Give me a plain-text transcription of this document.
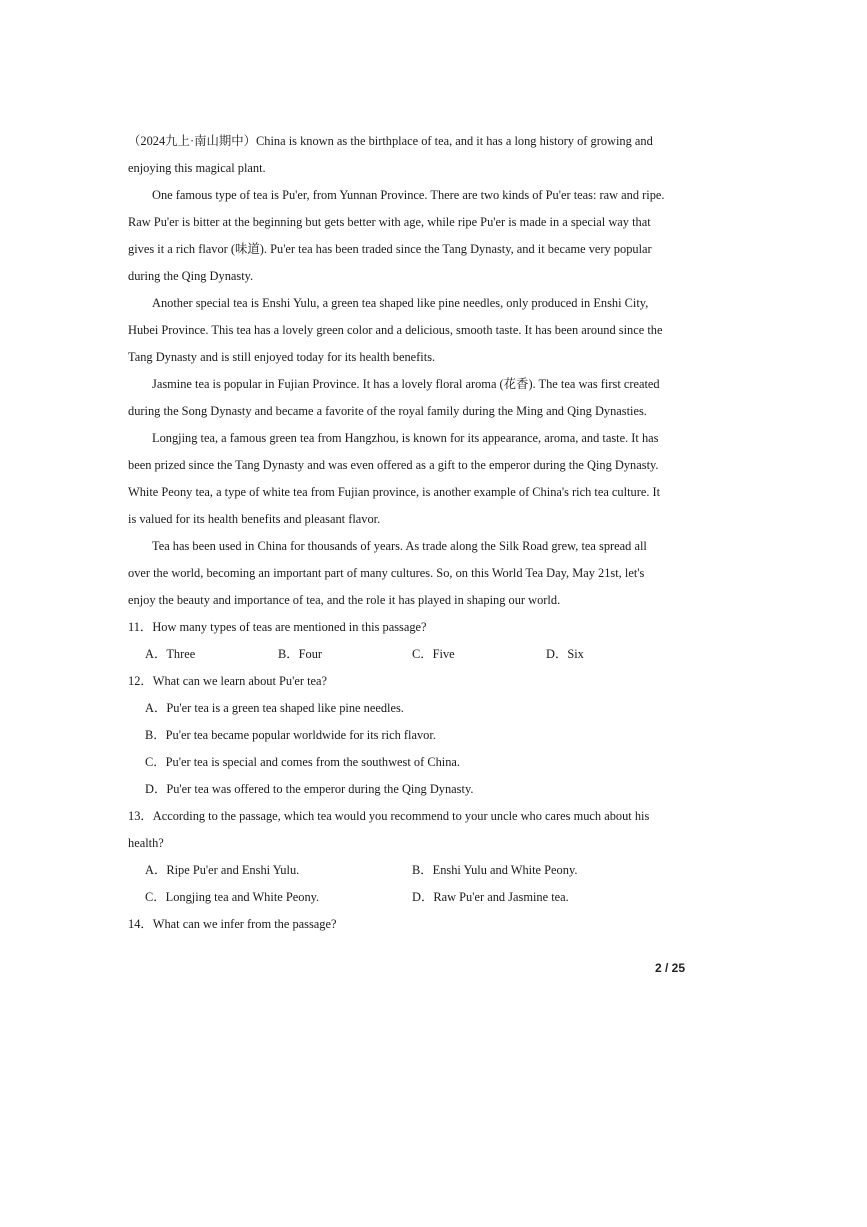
（2024九上·南山期中）China is known as the birthplace of tea, and it has a long history of growing and
enjoying this magical plant.
One famous type of tea is Pu'er, from Yunnan Province. There are two kinds of Pu'er teas: raw and ripe.
Raw Pu'er is bitter at the beginning but gets better with age, while ripe Pu'er is made in a special way that
gives it a rich flavor (味道). Pu'er tea has been traded since the Tang Dynasty, and it became very popular
during the Qing Dynasty.
Another special tea is Enshi Yulu, a green tea shaped like pine needles, only produced in Enshi City,
Hubei Province. This tea has a lovely green color and a delicious, smooth taste. It has been around since the
Tang Dynasty and is still enjoyed today for its health benefits.
Jasmine tea is popular in Fujian Province. It has a lovely floral aroma (花香). The tea was first created
during the Song Dynasty and became a favorite of the royal family during the Ming and Qing Dynasties.
Longjing tea, a famous green tea from Hangzhou, is known for its appearance, aroma, and taste. It has
been prized since the Tang Dynasty and was even offered as a gift to the emperor during the Qing Dynasty.
White Peony tea, a type of white tea from Fujian province, is another example of China's rich tea culture. It
is valued for its health benefits and pleasant flavor.
Tea has been used in China for thousands of years. As trade along the Silk Road grew, tea spread all
over the world, becoming an important part of many cultures. So, on this World Tea Day, May 21st, let's
enjoy the beauty and importance of tea, and the role it has played in shaping our world.
11．How many types of teas are mentioned in this passage?
A．Three	B．Four	C．Five	D．Six
12．What can we learn about Pu'er tea?
A．Pu'er tea is a green tea shaped like pine needles.
B．Pu'er tea became popular worldwide for its rich flavor.
C．Pu'er tea is special and comes from the southwest of China.
D．Pu'er tea was offered to the emperor during the Qing Dynasty.
13．According to the passage, which tea would you recommend to your uncle who cares much about his
health?
A．Ripe Pu'er and Enshi Yulu.	B．Enshi Yulu and White Peony.
C．Longjing tea and White Peony.	D．Raw Pu'er and Jasmine tea.
14．What can we infer from the passage?
2 / 25
